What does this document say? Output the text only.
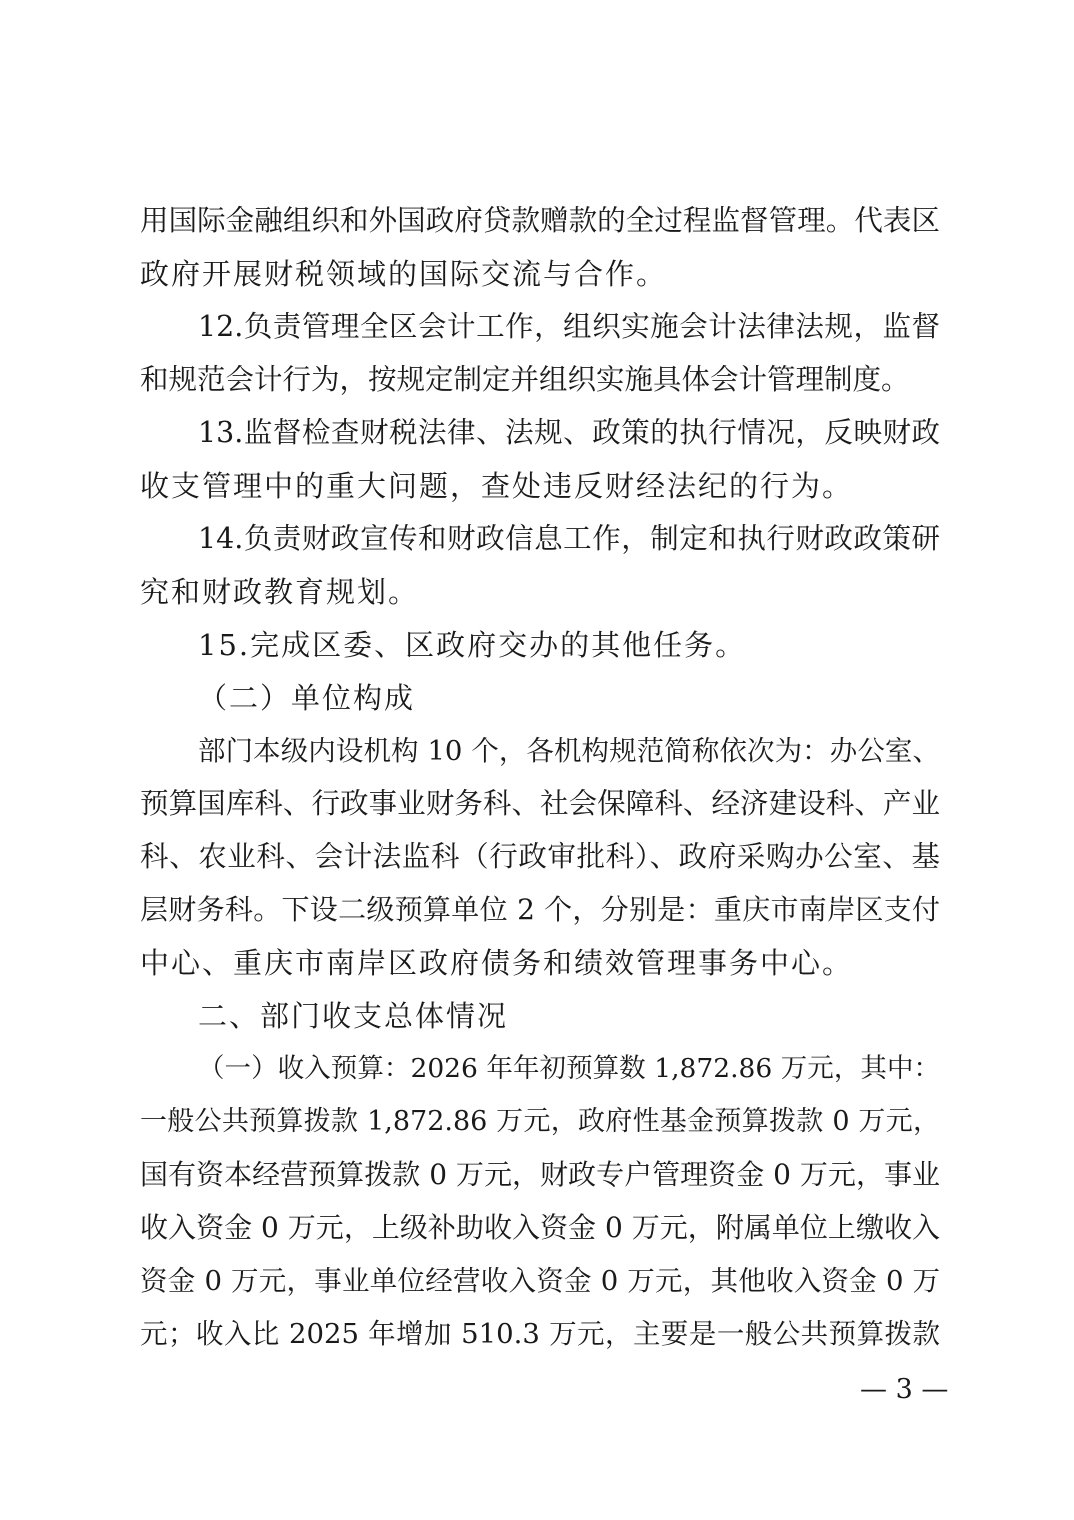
用国际金融组织和外国政府贷款赠款的全过程监督管理。代表区
政府开展财税领域的国际交流与合作。
12.负责管理全区会计工作，组织实施会计法律法规，监督
和规范会计行为，按规定制定并组织实施具体会计管理制度。
13.监督检查财税法律、法规、政策的执行情况，反映财政
收支管理中的重大问题，查处违反财经法纪的行为。
14.负责财政宣传和财政信息工作，制定和执行财政政策研
究和财政教育规划。
15.完成区委、区政府交办的其他任务。
（二）单位构成
部门本级内设机构 10 个，各机构规范简称依次为：办公室、
预算国库科、行政事业财务科、社会保障科、经济建设科、产业
科、农业科、会计法监科（行政审批科）、政府采购办公室、基
层财务科。下设二级预算单位 2 个，分别是：重庆市南岸区支付
中心、重庆市南岸区政府债务和绩效管理事务中心。
二、部门收支总体情况
（一）收入预算：2026 年年初预算数 1,872.86 万元，其中：
一般公共预算拨款 1,872.86 万元，政府性基金预算拨款 0 万元，
国有资本经营预算拨款 0 万元，财政专户管理资金 0 万元，事业
收入资金 0 万元，上级补助收入资金 0 万元，附属单位上缴收入
资金 0 万元，事业单位经营收入资金 0 万元，其他收入资金 0 万
元；收入比 2025 年增加 510.3 万元，主要是一般公共预算拨款
— 3 —
